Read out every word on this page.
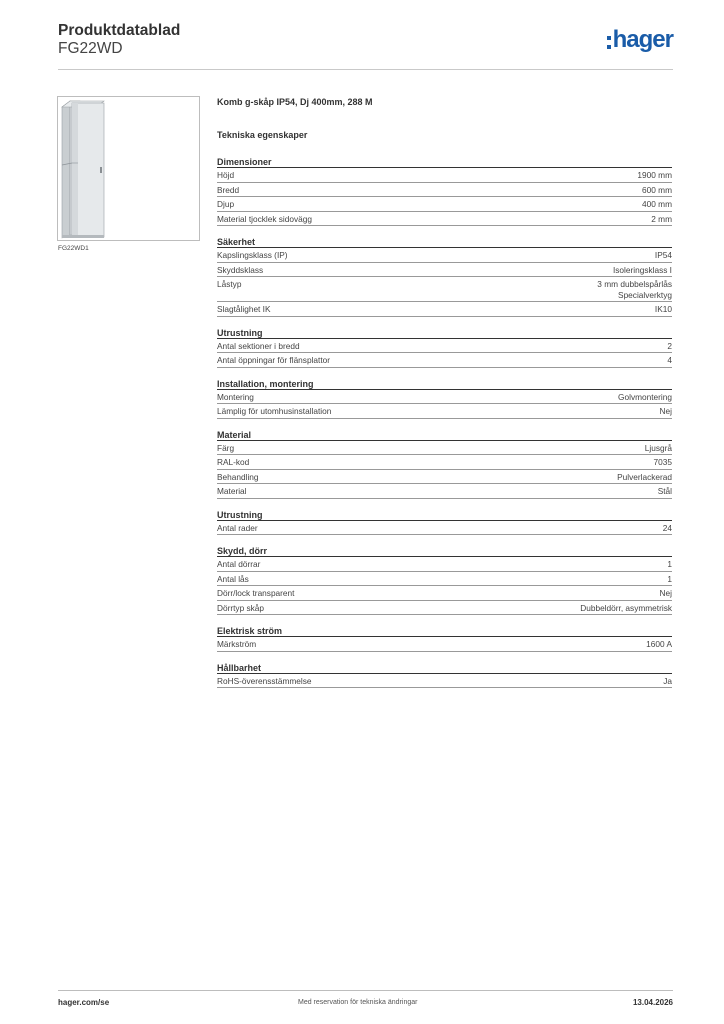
Produktdatablad
FG22WD	hager
FG22WD1
Komb g-skåp IP54, Dj 400mm, 288 M
Tekniska egenskaper
Dimensioner
Höjd	1900 mm
Bredd	600 mm
Djup	400 mm
Material tjocklek sidovägg	2 mm
Säkerhet
Kapslingsklass (IP)	IP54
Skyddsklass	Isoleringsklass I
Låstyp	3 mm dubbelspårlås
Specialverktyg
Slagtålighet IK	IK10
Utrustning
Antal sektioner i bredd	2
Antal öppningar för flänsplattor	4
Installation, montering
Montering	Golvmontering
Lämplig för utomhusinstallation	Nej
Material
Färg	Ljusgrå
RAL-kod	7035
Behandling	Pulverlackerad
Material	Stål
Utrustning
Antal rader	24
Skydd, dörr
Antal dörrar	1
Antal lås	1
Dörr/lock transparent	Nej
Dörrtyp skåp	Dubbeldörr, asymmetrisk
Elektrisk ström
Märkström	1600 A
Hållbarhet
RoHS-överensstämmelse	Ja
hager.com/se	Med reservation för tekniska ändringar	13.04.2026
